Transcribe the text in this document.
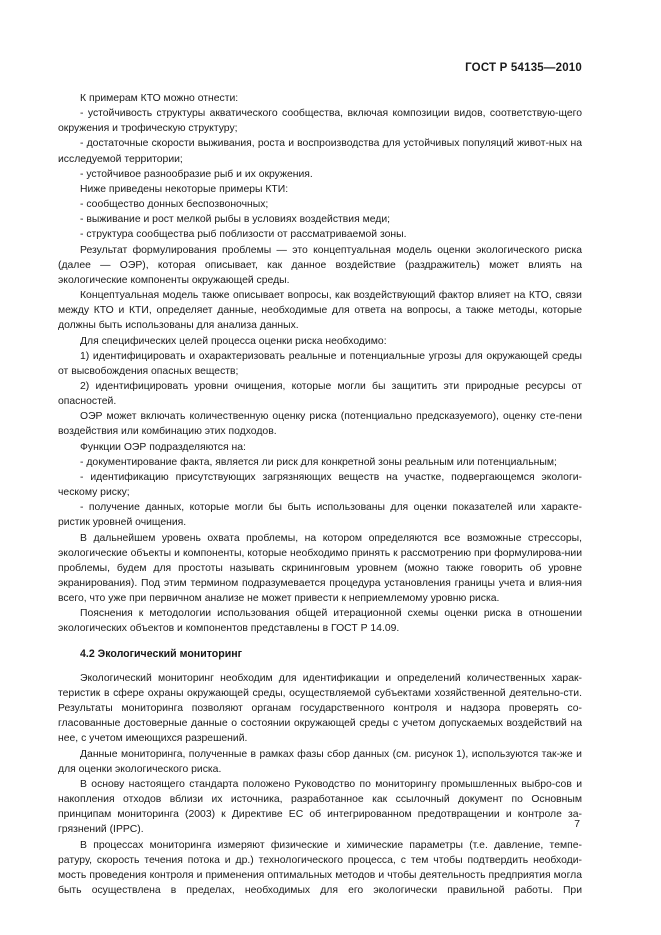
ГОСТ Р 54135—2010

К примерам КТО можно отнести:

- устойчивость структуры акватического сообщества, включая композиции видов, соответствую-щего окружения и трофическую структуру;

- достаточные скорости выживания, роста и воспроизводства для устойчивых популяций живот-ных на исследуемой территории;

- устойчивое разнообразие рыб и их окружения.

Ниже приведены некоторые примеры КТИ:

- сообщество донных беспозвоночных;

- выживание и рост мелкой рыбы в условиях воздействия меди;

- структура сообщества рыб поблизости от рассматриваемой зоны.

Результат формулирования проблемы — это концептуальная модель оценки экологического риска (далее — ОЭР), которая описывает, как данное воздействие (раздражитель) может влиять на экологические компоненты окружающей среды.

Концептуальная модель также описывает вопросы, как воздействующий фактор влияет на КТО, связи между КТО и КТИ, определяет данные, необходимые для ответа на вопросы, а также методы, которые должны быть использованы для анализа данных.

Для специфических целей процесса оценки риска необходимо:

1) идентифицировать и охарактеризовать реальные и потенциальные угрозы для окружающей среды от высвобождения опасных веществ;

2) идентифицировать уровни очищения, которые могли бы защитить эти природные ресурсы от опасностей.

ОЭР может включать количественную оценку риска (потенциально предсказуемого), оценку сте-пени воздействия или комбинацию этих подходов.

Функции ОЭР подразделяются на:

- документирование факта, является ли риск для конкретной зоны реальным или потенциальным;

- идентификацию присутствующих загрязняющих веществ на участке, подвергающемся экологи-ческому риску;

- получение данных, которые могли бы быть использованы для оценки показателей или характе-ристик уровней очищения.

В дальнейшем уровень охвата проблемы, на котором определяются все возможные стрессоры, экологические объекты и компоненты, которые необходимо принять к рассмотрению при формулирова-нии проблемы, будем для простоты называть скрининговым уровнем (можно также говорить об уровне экранирования). Под этим термином подразумевается процедура установления границы учета и влия-ния всего, что уже при первичном анализе не может привести к неприемлемому уровню риска.

Пояснения к методологии использования общей итерационной схемы оценки риска в отношении экологических объектов и компонентов представлены в ГОСТ Р 14.09.

4.2 Экологический мониторинг

Экологический мониторинг необходим для идентификации и определений количественных харак-теристик в сфере охраны окружающей среды, осуществляемой субъектами хозяйственной деятельно-сти. Результаты мониторинга позволяют органам государственного контроля и надзора проверять со-гласованные достоверные данные о состоянии окружающей среды с учетом допускаемых воздействий на нее, с учетом имеющихся разрешений.

Данные мониторинга, полученные в рамках фазы сбор данных (см. рисунок 1), используются так-же и для оценки экологического риска.

В основу настоящего стандарта положено Руководство по мониторингу промышленных выбро-сов и накопления отходов вблизи их источника, разработанное как ссылочный документ по Основным принципам мониторинга (2003) к Директиве ЕС об интегрированном предотвращении и контроле за-грязнений (IPPC).

В процессах мониторинга измеряют физические и химические параметры (т.е. давление, темпе-ратуру, скорость течения потока и др.) технологического процесса, с тем чтобы подтвердить необходи-мость проведения контроля и применения оптимальных методов и чтобы деятельность предприятия могла быть осуществлена в пределах, необходимых для его экологически правильной работы. При

7
